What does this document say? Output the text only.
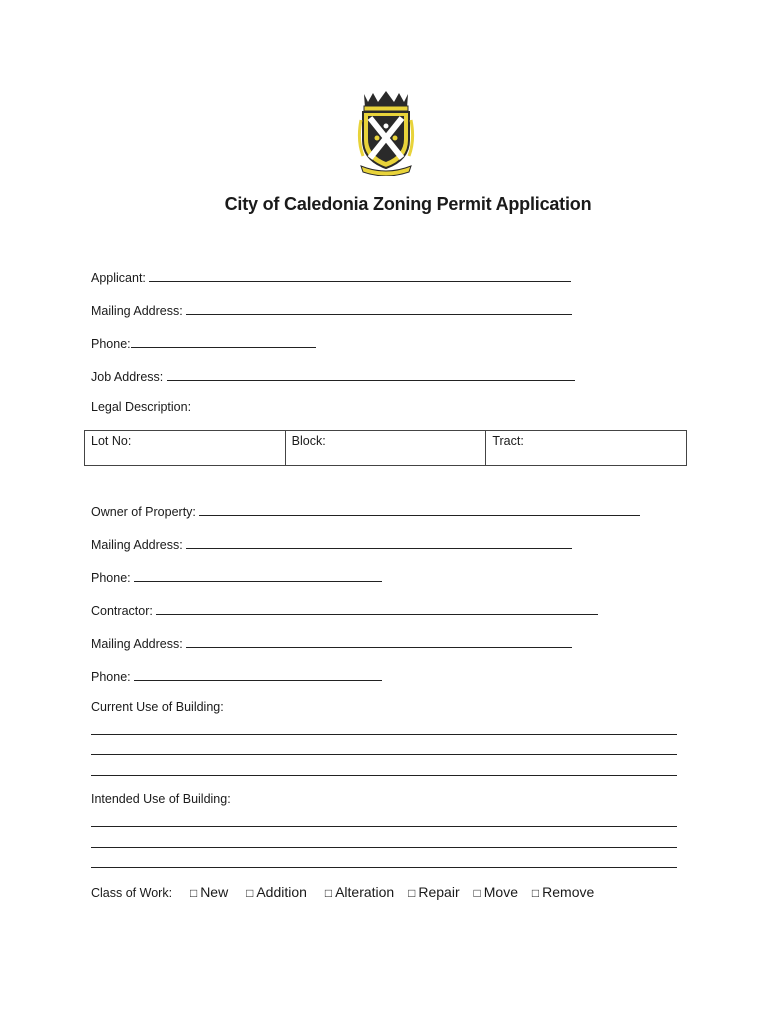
City of Caledonia Zoning Permit Application
Applicant:
Mailing Address:
Phone:
Job Address:
Legal Description:
Lot No:	Block:	Tract:
Owner of Property:
Mailing Address:
Phone:
Contractor:
Mailing Address:
Phone:
Current Use of Building:
Intended Use of Building:
Class of Work: □ New □ Addition □ Alteration □ Repair □ Move □ Remove
